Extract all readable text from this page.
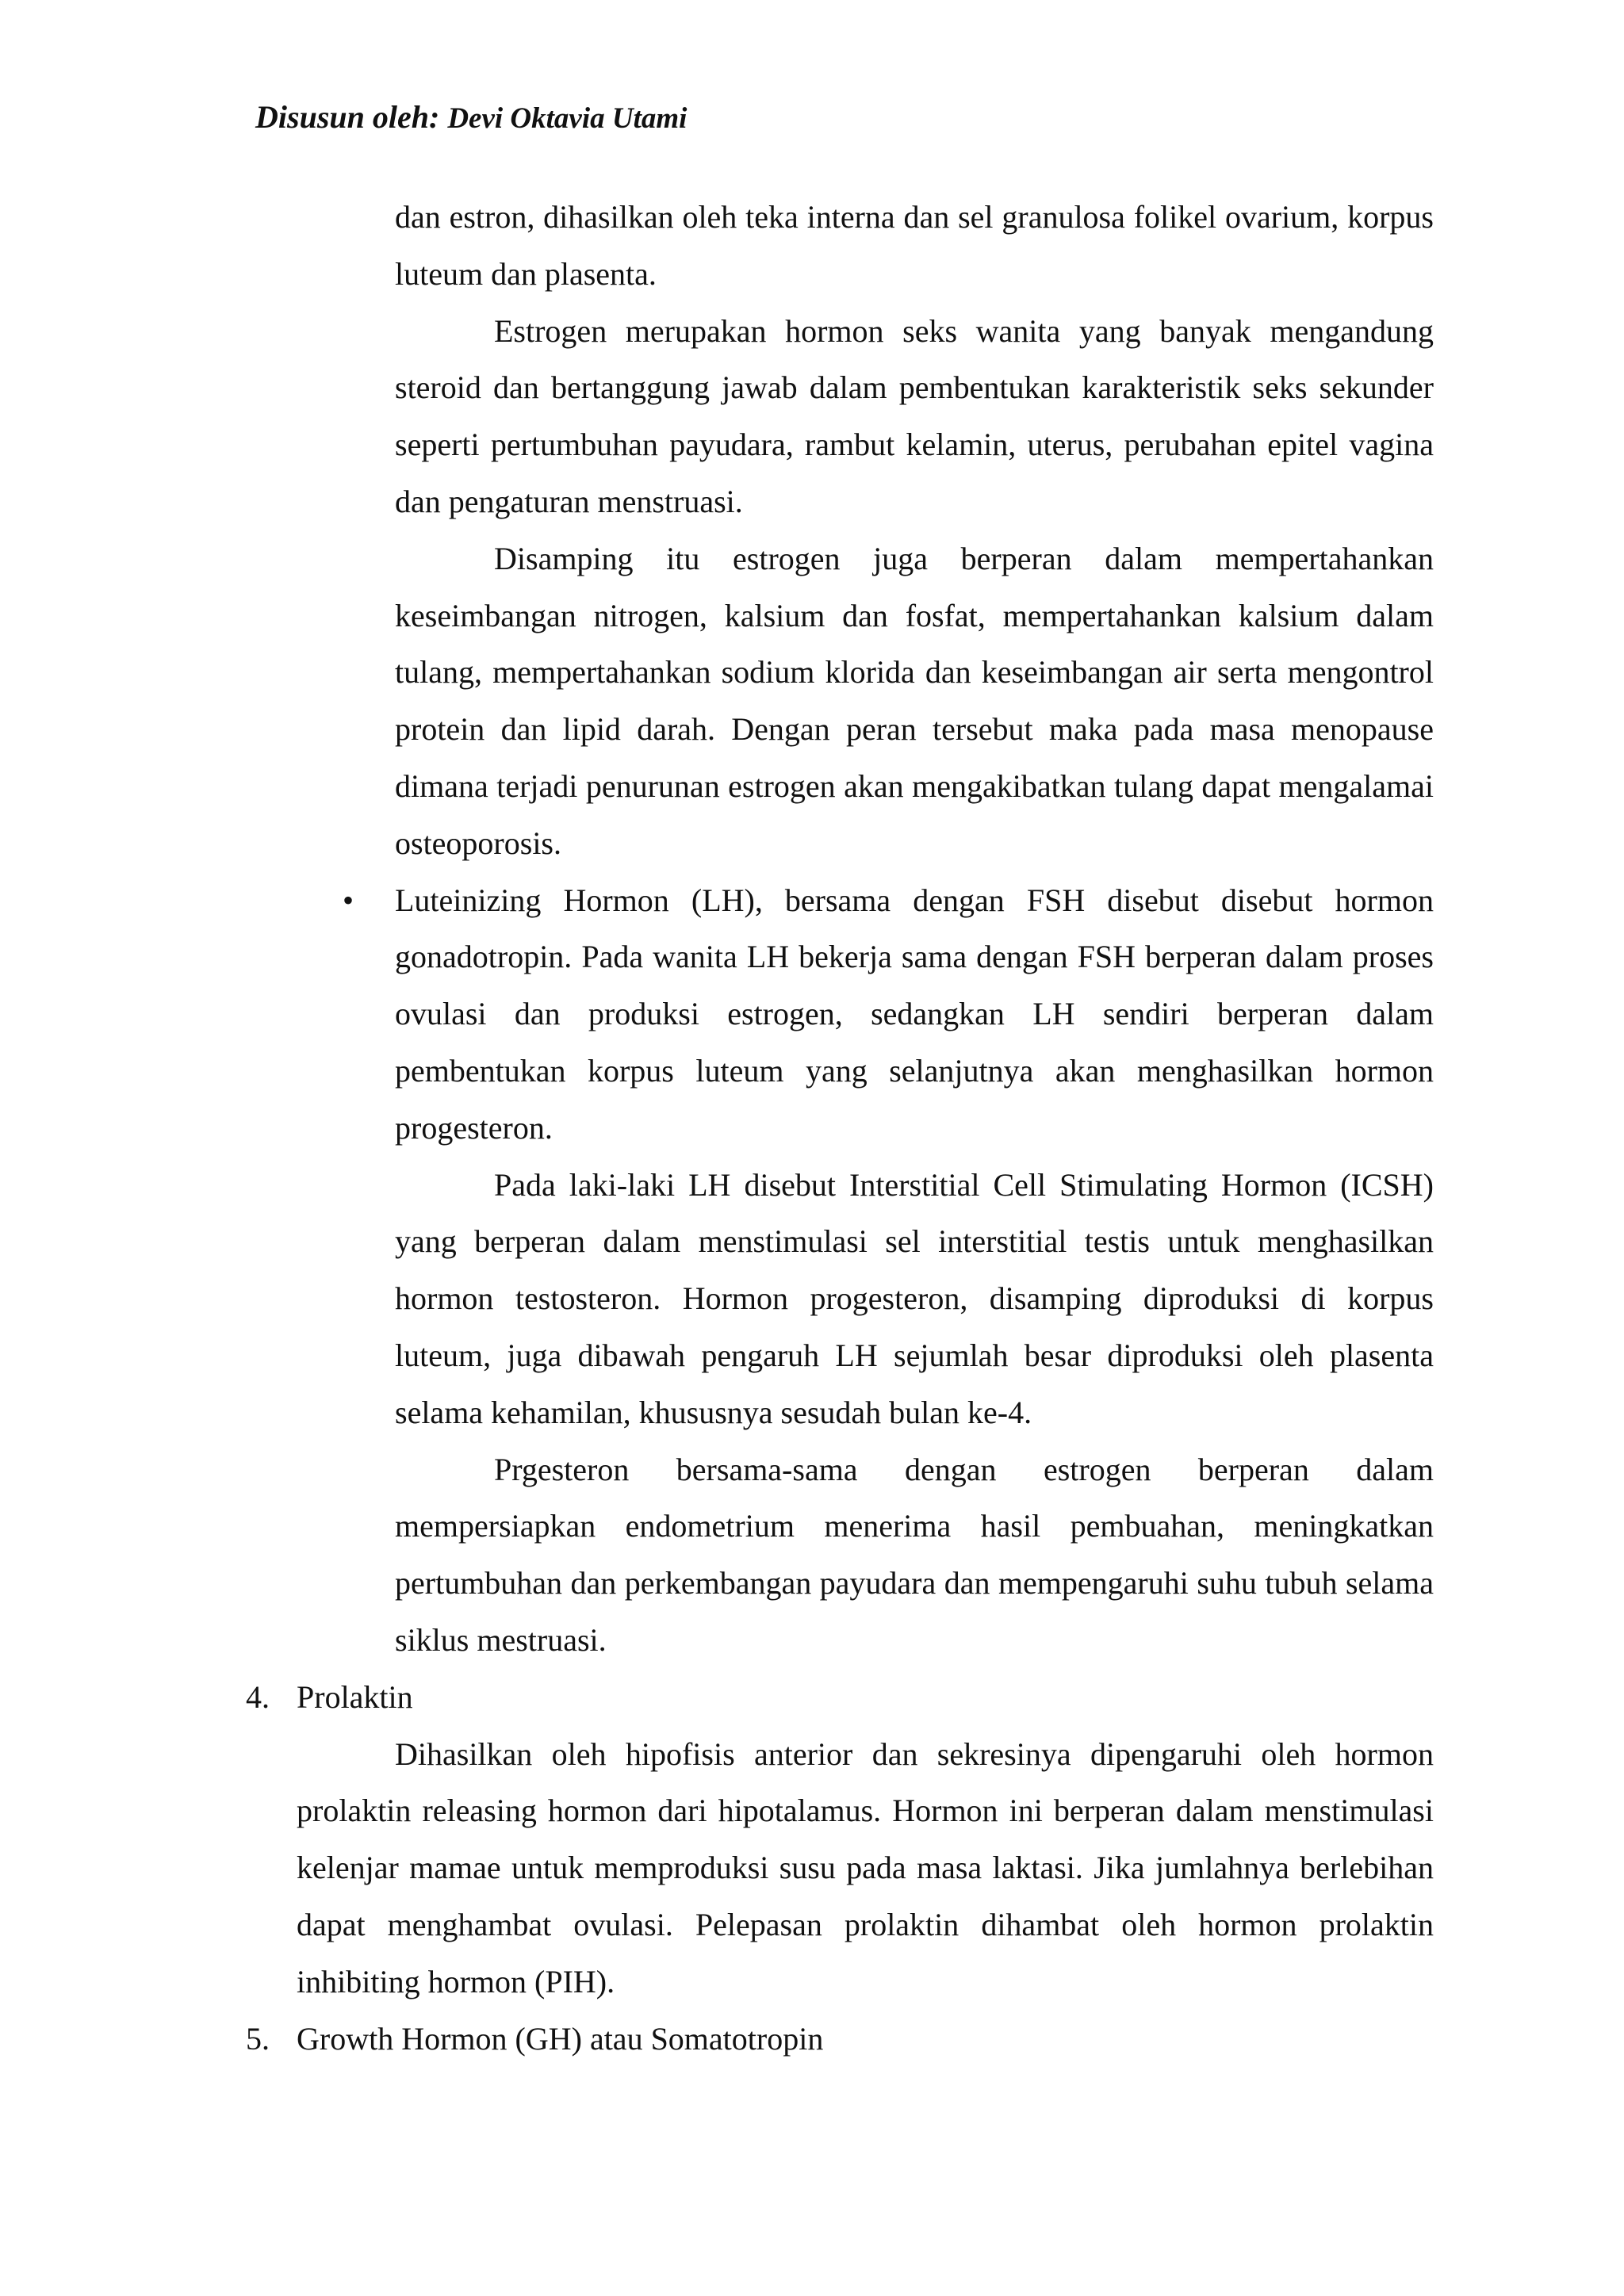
Disusun oleh: Devi Oktavia Utami

dan estron, dihasilkan oleh teka interna dan sel granulosa folikel ovarium, korpus luteum dan plasenta.

Estrogen merupakan hormon seks wanita yang banyak mengandung steroid dan bertanggung jawab dalam pembentukan karakteristik seks sekunder seperti pertumbuhan payudara, rambut kelamin, uterus, perubahan epitel vagina dan pengaturan menstruasi.

Disamping itu estrogen juga berperan dalam mempertahankan keseimbangan nitrogen, kalsium dan fosfat, mempertahankan kalsium dalam tulang, mempertahankan sodium klorida dan keseimbangan air serta mengontrol protein dan lipid darah. Dengan peran tersebut maka pada masa menopause dimana terjadi penurunan estrogen akan mengakibatkan tulang dapat mengalamai osteoporosis.

• Luteinizing Hormon (LH), bersama dengan FSH disebut disebut hormon gonadotropin. Pada wanita LH bekerja sama dengan FSH berperan dalam proses ovulasi dan produksi estrogen, sedangkan LH sendiri berperan dalam pembentukan korpus luteum yang selanjutnya akan menghasilkan hormon progesteron.

Pada laki-laki LH disebut Interstitial Cell Stimulating Hormon (ICSH) yang berperan dalam menstimulasi sel interstitial testis untuk menghasilkan hormon testosteron. Hormon progesteron, disamping diproduksi di korpus luteum, juga dibawah pengaruh LH sejumlah besar diproduksi oleh plasenta selama kehamilan, khususnya sesudah bulan ke-4.

Prgesteron bersama-sama dengan estrogen berperan dalam mempersiapkan endometrium menerima hasil pembuahan, meningkatkan pertumbuhan dan perkembangan payudara dan mempengaruhi suhu tubuh selama siklus mestruasi.

4. Prolaktin

Dihasilkan oleh hipofisis anterior dan sekresinya dipengaruhi oleh hormon prolaktin releasing hormon dari hipotalamus. Hormon ini berperan dalam menstimulasi kelenjar mamae untuk memproduksi susu pada masa laktasi. Jika jumlahnya berlebihan dapat menghambat ovulasi. Pelepasan prolaktin dihambat oleh hormon prolaktin inhibiting hormon (PIH).

5. Growth Hormon (GH) atau Somatotropin
